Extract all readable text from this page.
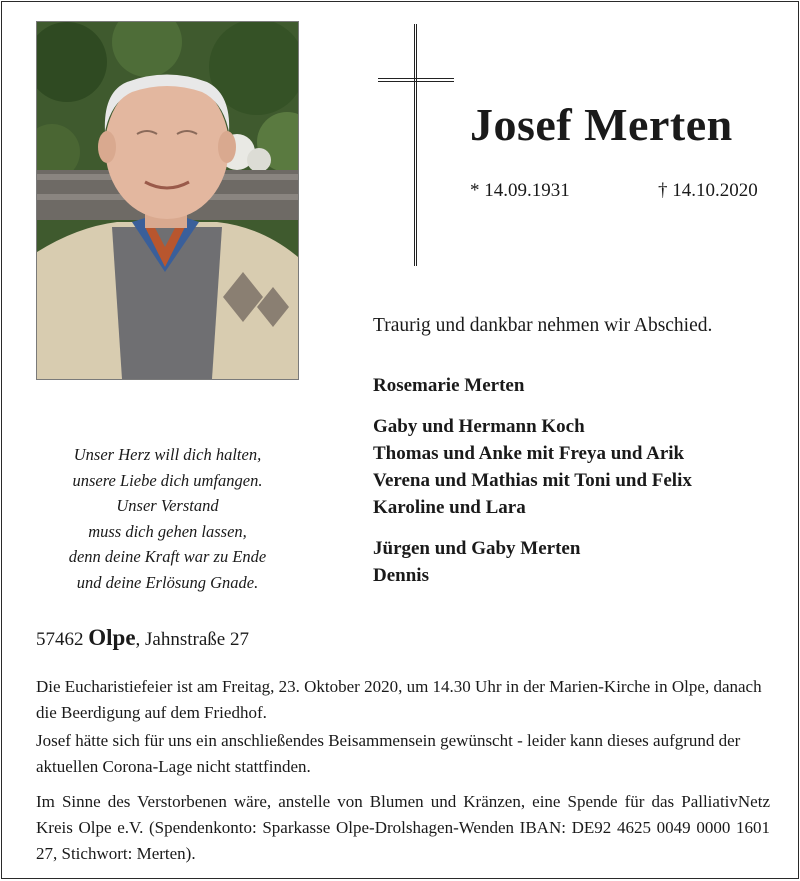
Josef Merten
* 14.09.1931	† 14.10.2020
Traurig und dankbar nehmen wir Abschied.
Rosemarie Merten
Gaby und Hermann Koch
Thomas und Anke mit Freya und Arik
Verena und Mathias mit Toni und Felix
Karoline und Lara
Jürgen und Gaby Merten
Dennis
Unser Herz will dich halten,
unsere Liebe dich umfangen.
Unser Verstand
muss dich gehen lassen,
denn deine Kraft war zu Ende
und deine Erlösung Gnade.
57462 Olpe, Jahnstraße 27
Die Eucharistiefeier ist am Freitag, 23. Oktober 2020, um 14.30 Uhr in der Marien-Kirche in Olpe, danach die Beerdigung auf dem Friedhof.
Josef hätte sich für uns ein anschließendes Beisammensein gewünscht - leider kann dieses aufgrund der aktuellen Corona-Lage nicht stattfinden.
Im Sinne des Verstorbenen wäre, anstelle von Blumen und Kränzen, eine Spende für das PalliativNetz Kreis Olpe e.V. (Spendenkonto: Sparkasse Olpe-Drolshagen-Wenden IBAN: DE92 4625 0049 0000 1601 27, Stichwort: Merten).
